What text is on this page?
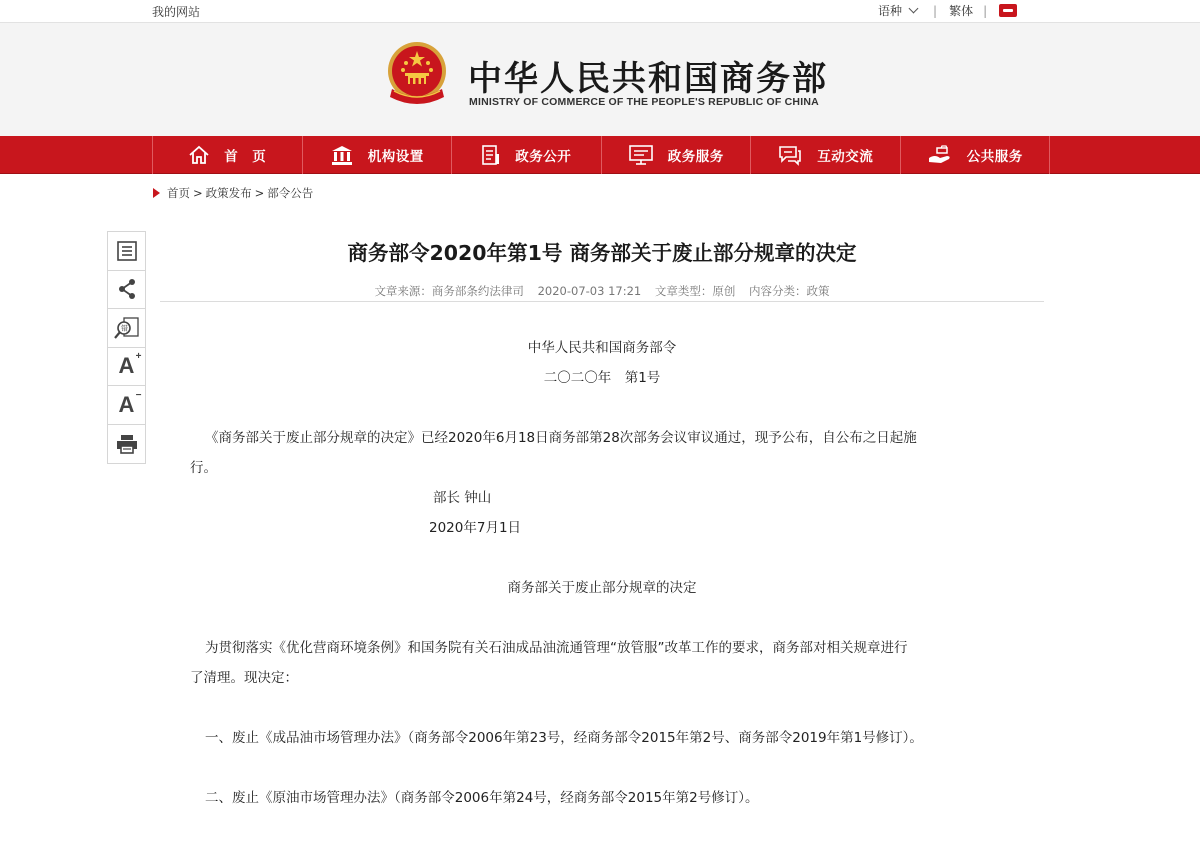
我的网站	语种	| 繁体 |
中华人民共和国商务部
MINISTRY OF COMMERCE OF THE PEOPLE'S REPUBLIC OF CHINA
首　页	机构设置	政务公开	政务服务	互动交流	公共服务
首页 > 政策发布 > 部令公告
错
A +
A −
商务部令2020年第1号 商务部关于废止部分规章的决定
文章来源：商务部条约法律司 2020-07-03 17:21 文章类型：原创 内容分类：政策
中华人民共和国商务部令
二〇二〇年　第1号
《商务部关于废止部分规章的决定》已经2020年6月18日商务部第28次部务会议审议通过，现予公布，自公布之日起施
行。
部长 钟山
2020年7月1日
商务部关于废止部分规章的决定
为贯彻落实《优化营商环境条例》和国务院有关石油成品油流通管理“放管服”改革工作的要求，商务部对相关规章进行
了清理。现决定：
一、废止《成品油市场管理办法》（商务部令2006年第23号，经商务部令2015年第2号、商务部令2019年第1号修订）。
二、废止《原油市场管理办法》（商务部令2006年第24号，经商务部令2015年第2号修订）。
